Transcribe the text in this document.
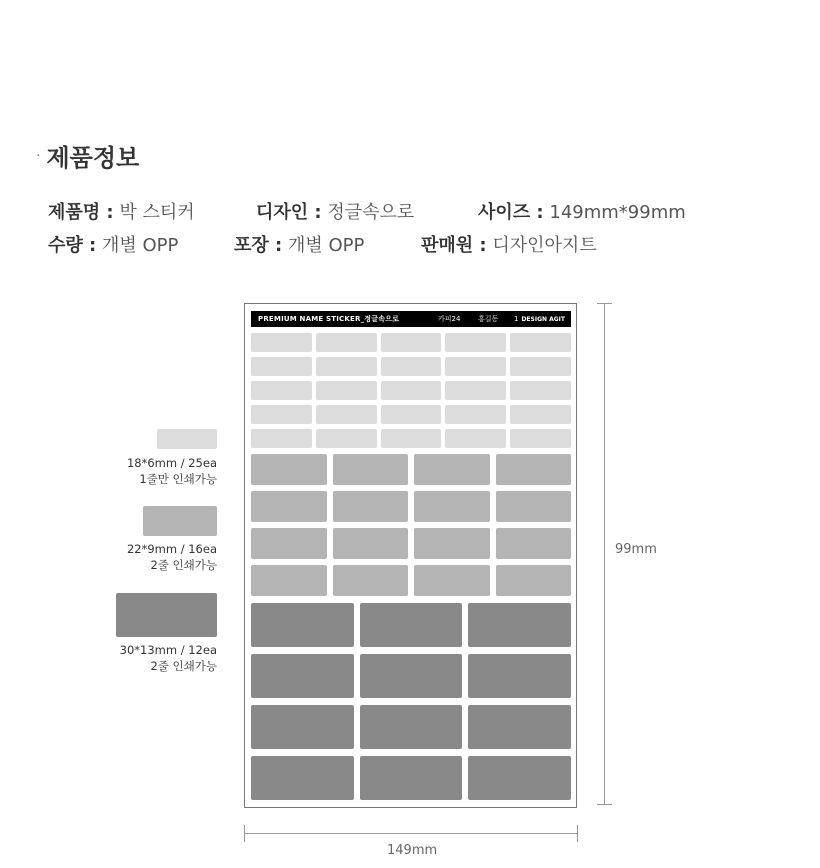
· 제품정보
제품명 : 박 스티커	디자인 : 정글속으로	사이즈 : 149mm*99mm
수량 : 개별 OPP	포장 : 개별 OPP	판매원 : 디자인아지트
18*6mm / 25ea
1줄만 인쇄가능
22*9mm / 16ea
2줄 인쇄가능
30*13mm / 12ea
2줄 인쇄가능
PREMIUM NAME STICKER_정글속으로	카피24	홍길동 1 DESIGN AGIT
99mm
149mm
